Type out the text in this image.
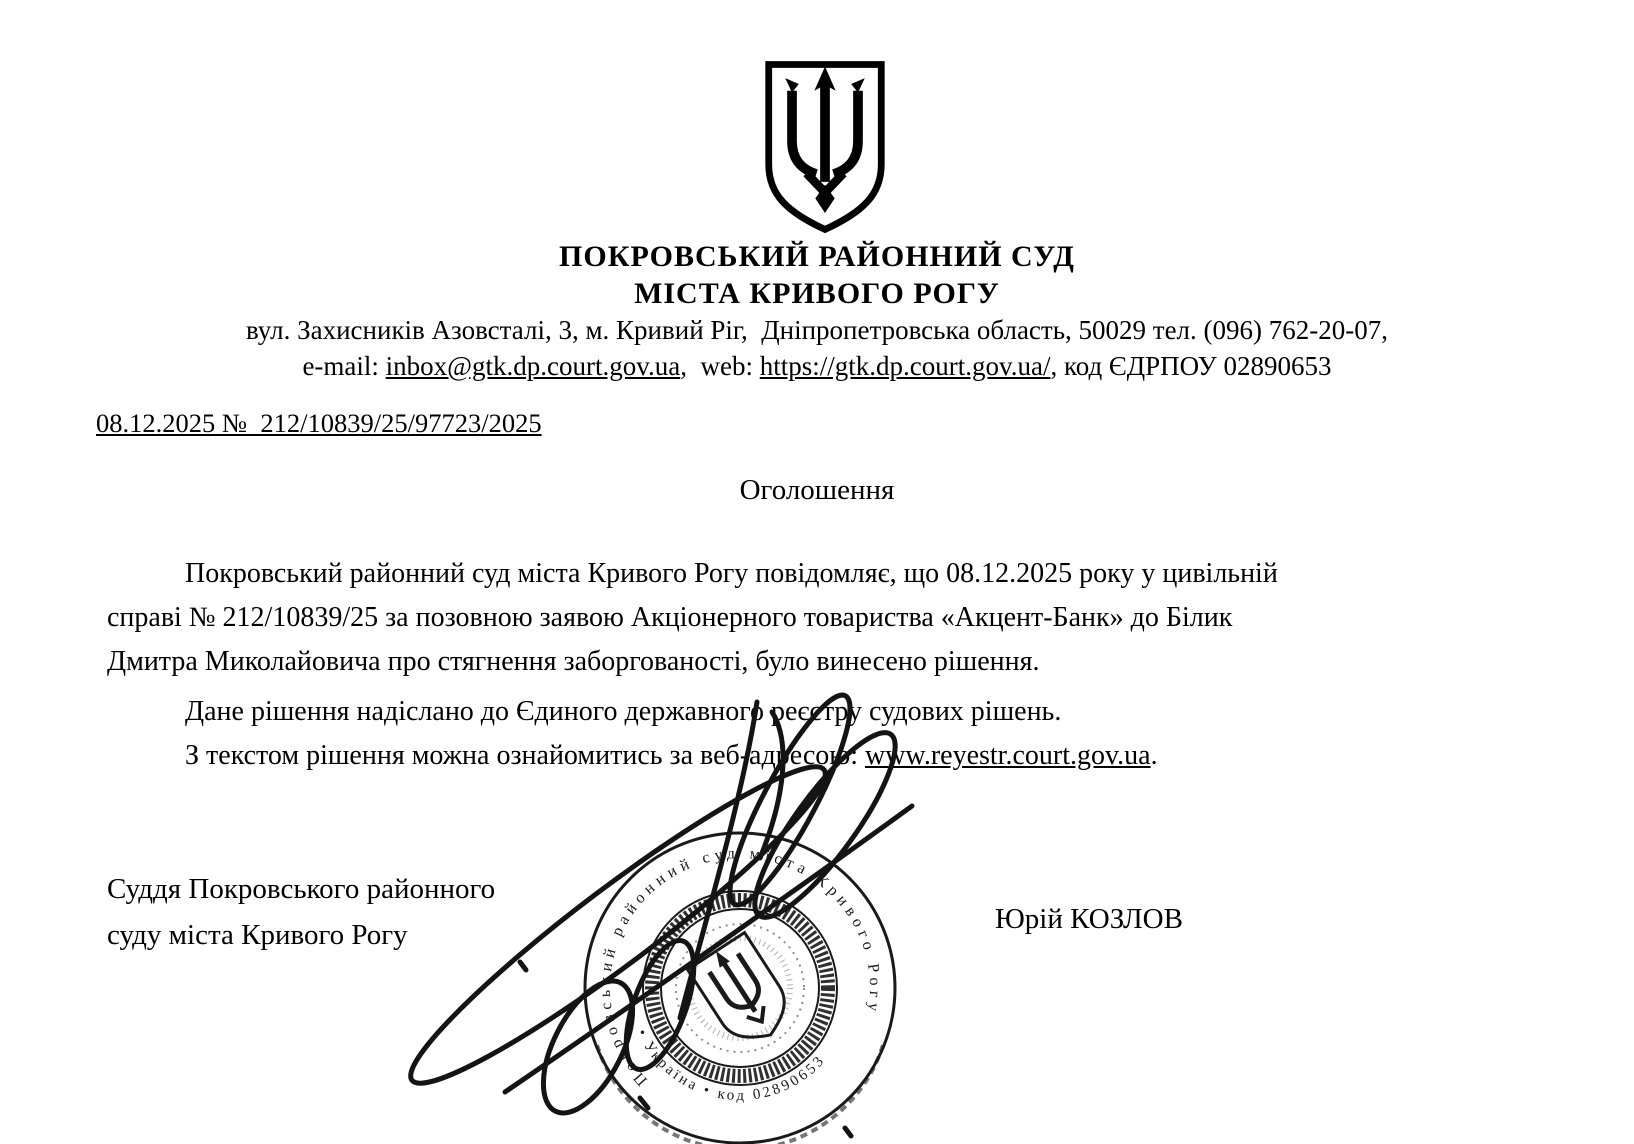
ПОКРОВСЬКИЙ РАЙОННИЙ СУД
МІСТА КРИВОГО РОГУ
вул. Захисників Азовсталі, 3, м. Кривий Ріг,  Дніпропетровська область, 50029 тел. (096) 762-20-07,
e-mail: inbox@gtk.dp.court.gov.ua,  web: https://gtk.dp.court.gov.ua/, код ЄДРПОУ 02890653
08.12.2025 №  212/10839/25/97723/2025
Оголошення
Покровський районний суд міста Кривого Рогу повідомляє, що 08.12.2025 року у цивільній
справі № 212/10839/25 за позовною заявою Акціонерного товариства «Акцент-Банк» до Білик
Дмитра Миколайовича про стягнення заборгованості, було винесено рішення.
Дане рішення надіслано до Єдиного державного реєстру судових рішень.
З текстом рішення можна ознайомитись за веб-адресою: www.reyestr.court.gov.ua.
Суддя Покровського районного
суду міста Кривого Рогу	Юрій КОЗЛОВ
Покровський районний суд міста Кривого Рогу
• Україна • код 02890653
